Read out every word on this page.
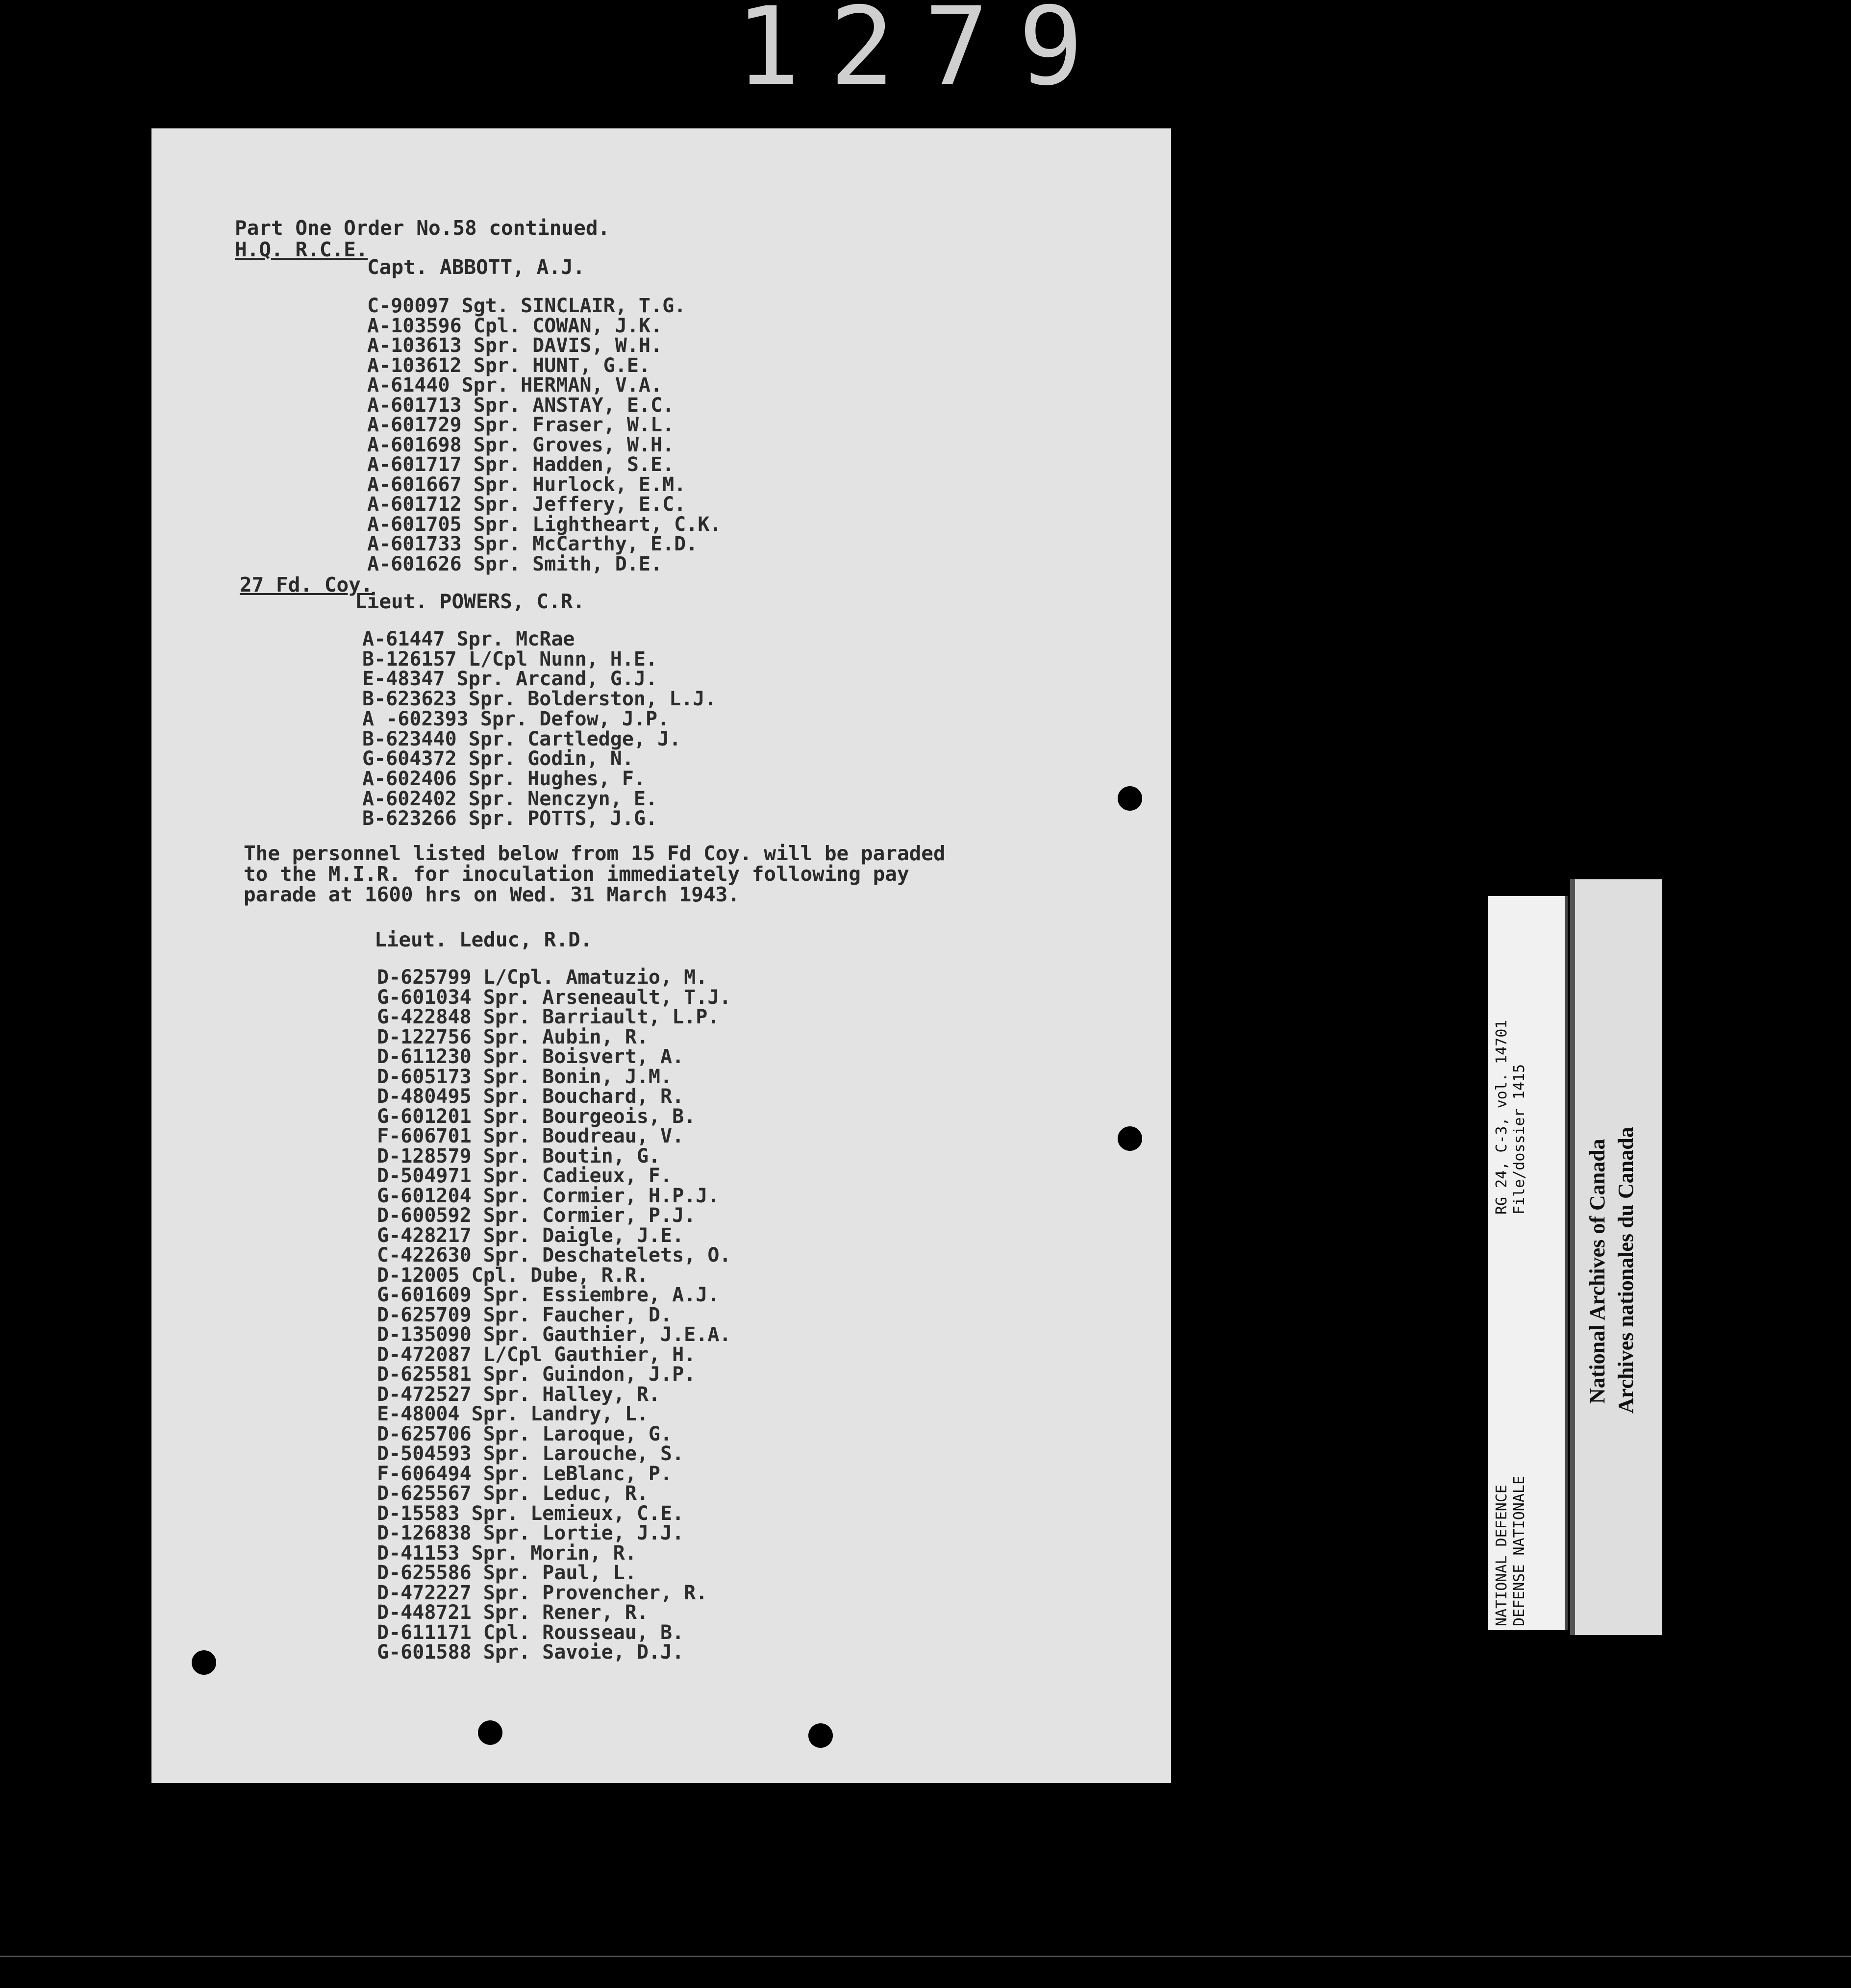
1279
Part One Order No.58 continued.
H.Q. R.C.E.
Capt. ABBOTT, A.J.
C-90097 Sgt. SINCLAIR, T.G.
A-103596 Cpl. COWAN, J.K.
A-103613 Spr. DAVIS, W.H.
A-103612 Spr. HUNT, G.E.
A-61440 Spr. HERMAN, V.A.
A-601713 Spr. ANSTAY, E.C.
A-601729 Spr. Fraser, W.L.
A-601698 Spr. Groves, W.H.
A-601717 Spr. Hadden, S.E.
A-601667 Spr. Hurlock, E.M.
A-601712 Spr. Jeffery, E.C.
A-601705 Spr. Lightheart, C.K.
A-601733 Spr. McCarthy, E.D.
A-601626 Spr. Smith, D.E.
27 Fd. Coy.
Lieut. POWERS, C.R.
A-61447 Spr. McRae
B-126157 L/Cpl Nunn, H.E.
E-48347 Spr. Arcand, G.J.
B-623623 Spr. Bolderston, L.J.
A -602393 Spr. Defow, J.P.
B-623440 Spr. Cartledge, J.
G-604372 Spr. Godin, N.
A-602406 Spr. Hughes, F.
A-602402 Spr. Nenczyn, E.
B-623266 Spr. POTTS, J.G.
The personnel listed below from 15 Fd Coy. will be paraded
to the M.I.R. for inoculation immediately following pay
parade at 1600 hrs on Wed. 31 March 1943.
Lieut. Leduc, R.D.
D-625799 L/Cpl. Amatuzio, M.
G-601034 Spr. Arseneault, T.J.
G-422848 Spr. Barriault, L.P.
D-122756 Spr. Aubin, R.
D-611230 Spr. Boisvert, A.
D-605173 Spr. Bonin, J.M.
D-480495 Spr. Bouchard, R.
G-601201 Spr. Bourgeois, B.
F-606701 Spr. Boudreau, V.
D-128579 Spr. Boutin, G.
D-504971 Spr. Cadieux, F.
G-601204 Spr. Cormier, H.P.J.
D-600592 Spr. Cormier, P.J.
G-428217 Spr. Daigle, J.E.
C-422630 Spr. Deschatelets, O.
D-12005 Cpl. Dube, R.R.
G-601609 Spr. Essiembre, A.J.
D-625709 Spr. Faucher, D.
D-135090 Spr. Gauthier, J.E.A.
D-472087 L/Cpl Gauthier, H.
D-625581 Spr. Guindon, J.P.
D-472527 Spr. Halley, R.
E-48004 Spr. Landry, L.
D-625706 Spr. Laroque, G.
D-504593 Spr. Larouche, S.
F-606494 Spr. LeBlanc, P.
D-625567 Spr. Leduc, R.
D-15583 Spr. Lemieux, C.E.
D-126838 Spr. Lortie, J.J.
D-41153 Spr. Morin, R.
D-625586 Spr. Paul, L.
D-472227 Spr. Provencher, R.
D-448721 Spr. Rener, R.
D-611171 Cpl. Rousseau, B.
G-601588 Spr. Savoie, D.J.
RG 24, C-3, vol. 14701 File/dossier 1415
NATIONAL DEFENCE DEFENSE NATIONALE
National Archives of Canada Archives nationales du Canada
